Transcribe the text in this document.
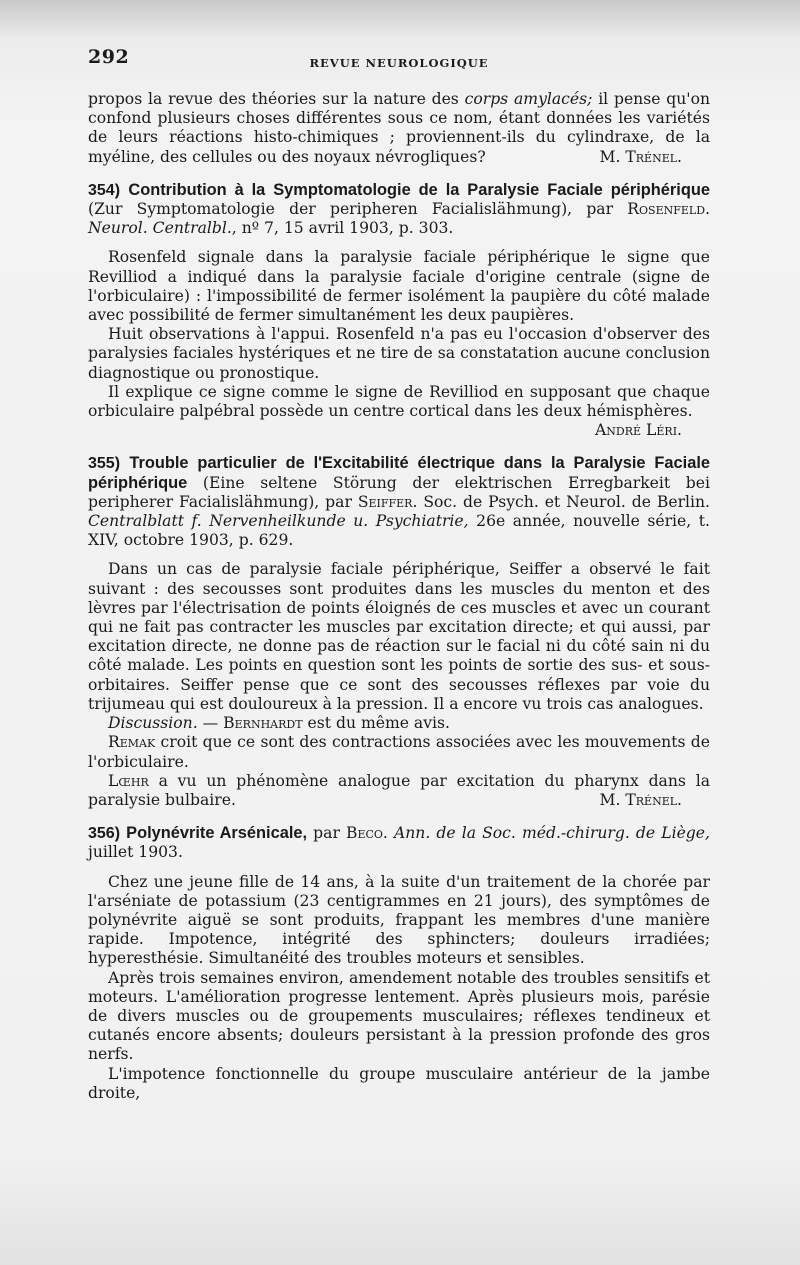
292	REVUE NEUROLOGIQUE

propos la revue des théories sur la nature des corps amylacés; il pense qu'on confond plusieurs choses différentes sous ce nom, étant données les variétés de leurs réactions histo-chimiques ; proviennent-ils du cylindraxe, de la myéline, des cellules ou des noyaux névrogliques?	M. Trénel.

354) Contribution à la Symptomatologie de la Paralysie Faciale périphérique (Zur Symptomatologie der peripheren Facialislähmung), par Rosenfeld. Neurol. Centralbl., nº 7, 15 avril 1903, p. 303.

Rosenfeld signale dans la paralysie faciale périphérique le signe que Revilliod a indiqué dans la paralysie faciale d'origine centrale (signe de l'orbiculaire) : l'impossibilité de fermer isolément la paupière du côté malade avec possibilité de fermer simultanément les deux paupières.

Huit observations à l'appui. Rosenfeld n'a pas eu l'occasion d'observer des paralysies faciales hystériques et ne tire de sa constatation aucune conclusion diagnostique ou pronostique.

Il explique ce signe comme le signe de Revilliod en supposant que chaque orbiculaire palpébral possède un centre cortical dans les deux hémisphères.

André Léri.

355) Trouble particulier de l'Excitabilité électrique dans la Paralysie Faciale périphérique (Eine seltene Störung der elektrischen Erregbarkeit bei peripherer Facialislähmung), par Seiffer. Soc. de Psych. et Neurol. de Berlin. Centralblatt f. Nervenheilkunde u. Psychiatrie, 26e année, nouvelle série, t. XIV, octobre 1903, p. 629.

Dans un cas de paralysie faciale périphérique, Seiffer a observé le fait suivant : des secousses sont produites dans les muscles du menton et des lèvres par l'électrisation de points éloignés de ces muscles et avec un courant qui ne fait pas contracter les muscles par excitation directe; et qui aussi, par excitation directe, ne donne pas de réaction sur le facial ni du côté sain ni du côté malade. Les points en question sont les points de sortie des sus- et sous-orbitaires. Seiffer pense que ce sont des secousses réflexes par voie du trijumeau qui est douloureux à la pression. Il a encore vu trois cas analogues.

Discussion. — Bernhardt est du même avis.

Remak croit que ce sont des contractions associées avec les mouvements de l'orbiculaire.

Lœhr a vu un phénomène analogue par excitation du pharynx dans la paralysie bulbaire.	M. Trénel.

356) Polynévrite Arsénicale, par Beco. Ann. de la Soc. méd.-chirurg. de Liège, juillet 1903.

Chez une jeune fille de 14 ans, à la suite d'un traitement de la chorée par l'arséniate de potassium (23 centigrammes en 21 jours), des symptômes de polynévrite aiguë se sont produits, frappant les membres d'une manière rapide. Impotence, intégrité des sphincters; douleurs irradiées; hyperesthésie. Simultanéité des troubles moteurs et sensibles.

Après trois semaines environ, amendement notable des troubles sensitifs et moteurs. L'amélioration progresse lentement. Après plusieurs mois, parésie de divers muscles ou de groupements musculaires; réflexes tendineux et cutanés encore absents; douleurs persistant à la pression profonde des gros nerfs.

L'impotence fonctionnelle du groupe musculaire antérieur de la jambe droite,
